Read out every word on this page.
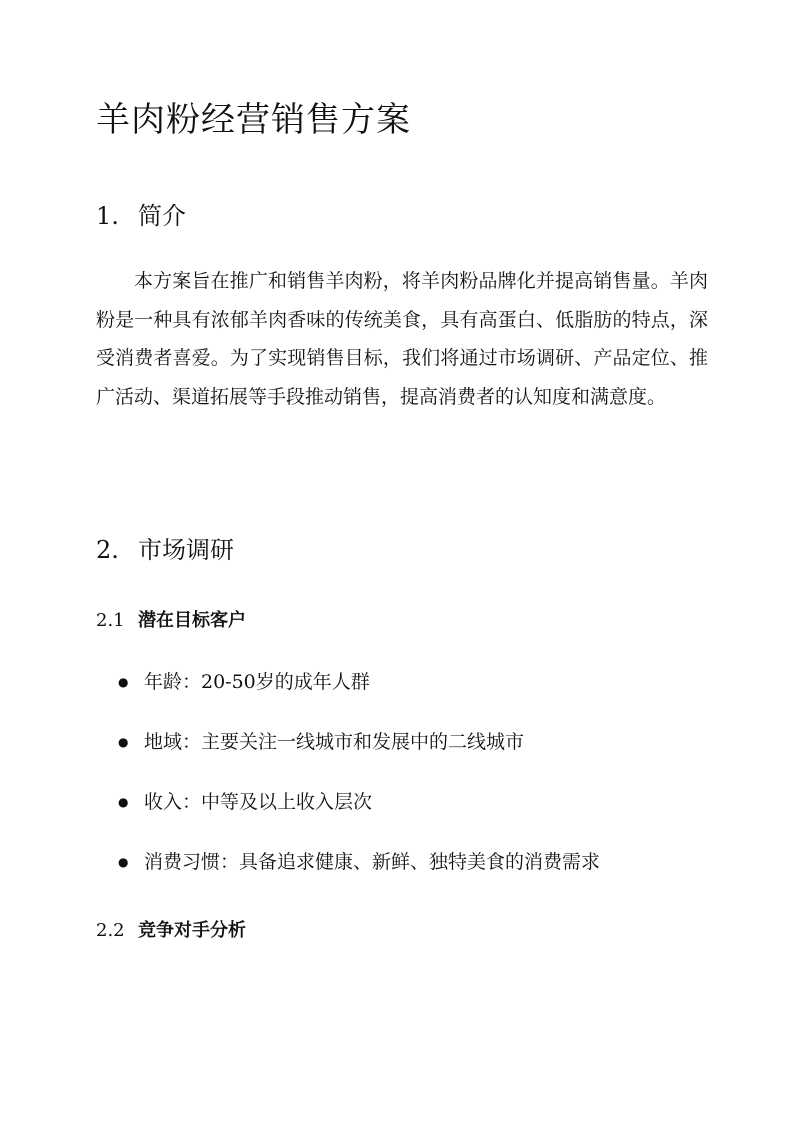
羊肉粉经营销售方案
1. 简介

本方案旨在推广和销售羊肉粉，将羊肉粉品牌化并提高销售量。羊肉粉是一种具有浓郁羊肉香味的传统美食，具有高蛋白、低脂肪的特点，深受消费者喜爱。为了实现销售目标，我们将通过市场调研、产品定位、推广活动、渠道拓展等手段推动销售，提高消费者的认知度和满意度。

2. 市场调研
2.1 潜在目标客户
● 年龄：20-50岁的成年人群
● 地域：主要关注一线城市和发展中的二线城市
● 收入：中等及以上收入层次
● 消费习惯：具备追求健康、新鲜、独特美食的消费需求
2.2 竞争对手分析
